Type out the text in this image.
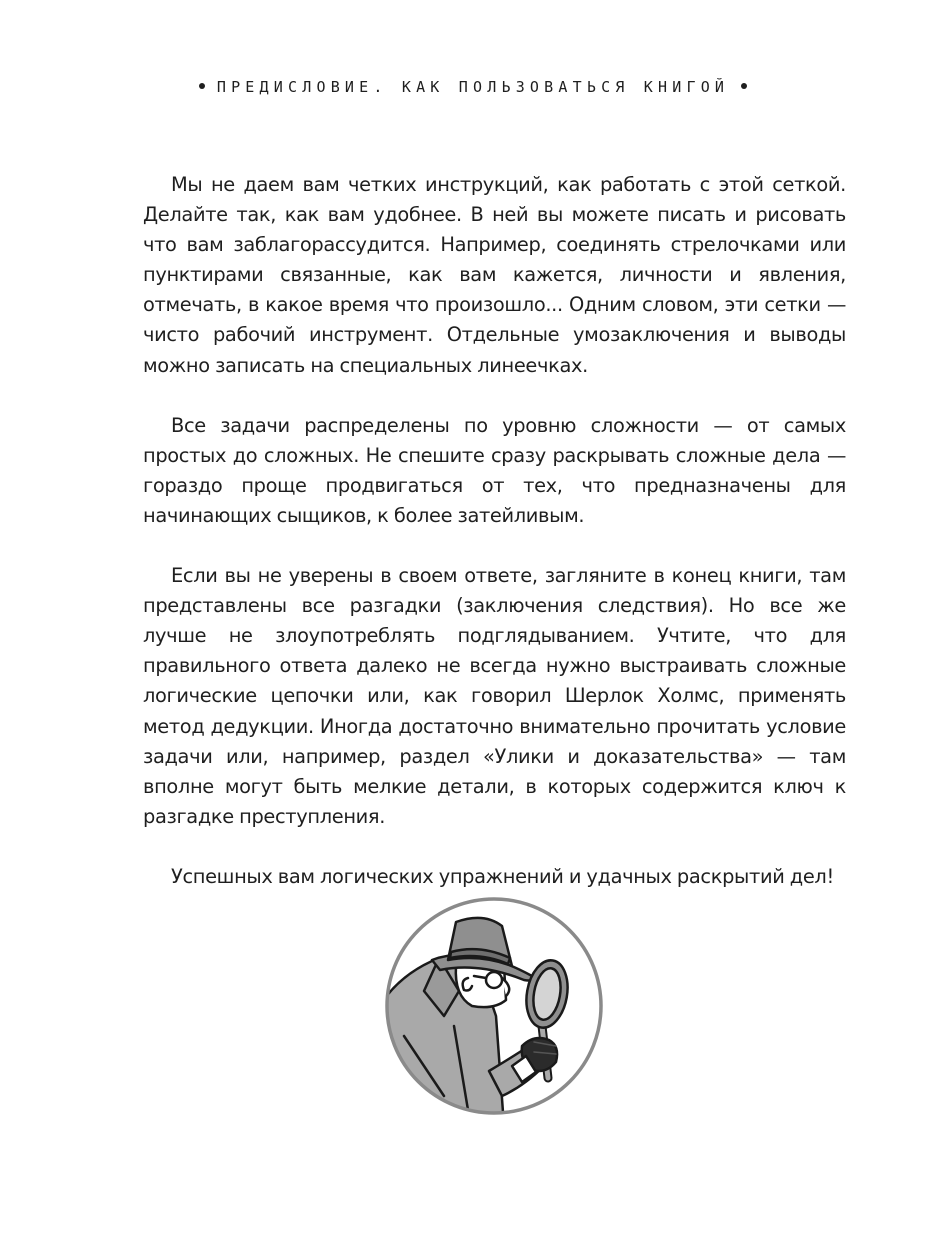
ПРЕДИСЛОВИЕ. КАК ПОЛЬЗОВАТЬСЯ КНИГОЙ

Мы не даем вам четких инструкций, как работать с этой сеткой. Делайте так, как вам удобнее. В ней вы можете писать и рисовать что вам заблагорассудится. Например, соединять стрелочками или пунктирами связанные, как вам кажется, личности и явления, отмечать, в какое время что произошло... Одним словом, эти сетки — чисто рабочий инструмент. Отдельные умозаключения и выводы можно записать на специальных линеечках.

Все задачи распределены по уровню сложности — от самых простых до сложных. Не спешите сразу раскрывать сложные дела — гораздо проще продвигаться от тех, что предназначены для начинающих сыщиков, к более затейливым.

Если вы не уверены в своем ответе, загляните в конец книги, там представлены все разгадки (заключения следствия). Но все же лучше не злоупотреблять подглядыванием. Учтите, что для правильного ответа далеко не всегда нужно выстраивать сложные логические цепочки или, как говорил Шерлок Холмс, применять метод дедукции. Иногда достаточно внимательно прочитать условие задачи или, например, раздел «Улики и доказательства» — там вполне могут быть мелкие детали, в которых содержится ключ к разгадке преступления.

Успешных вам логических упражнений и удачных раскрытий дел!
